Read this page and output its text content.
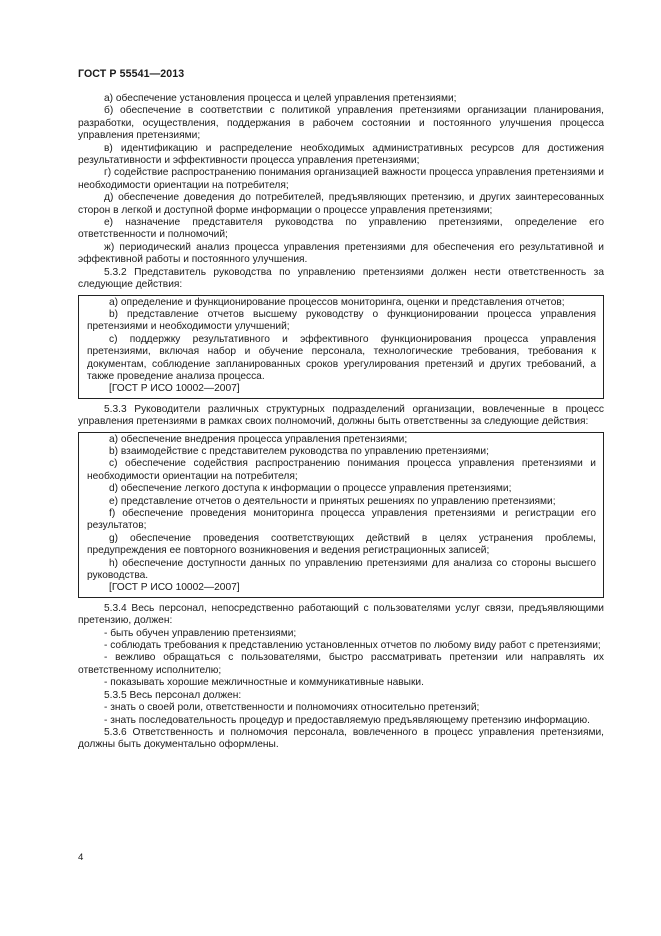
ГОСТ Р 55541—2013

а) обеспечение установления процесса и целей управления претензиями;

б) обеспечение в соответствии с политикой управления претензиями организации планирования, разработки, осуществления, поддержания в рабочем состоянии и постоянного улучшения процесса управления претензиями;

в) идентификацию и распределение необходимых административных ресурсов для достижения результативности и эффективности процесса управления претензиями;

г) содействие распространению понимания организацией важности процесса управления претензиями и необходимости ориентации на потребителя;

д) обеспечение доведения до потребителей, предъявляющих претензию, и других заинтересованных сторон в легкой и доступной форме информации о процессе управления претензиями;

е) назначение представителя руководства по управлению претензиями, определение его ответственности и полномочий;

ж) периодический анализ процесса управления претензиями для обеспечения его результативной и эффективной работы и постоянного улучшения.

5.3.2 Представитель руководства по управлению претензиями должен нести ответственность за следующие действия:

а) определение и функционирование процессов мониторинга, оценки и представления отчетов;

b) представление отчетов высшему руководству о функционировании процесса управления претензиями и необходимости улучшений;

с) поддержку результативного и эффективного функционирования процесса управления претензиями, включая набор и обучение персонала, технологические требования, требования к документам, соблюдение запланированных сроков урегулирования претензий и других требований, а также проведение анализа процесса.

[ГОСТ Р ИСО 10002—2007]

5.3.3 Руководители различных структурных подразделений организации, вовлеченные в процесс управления претензиями в рамках своих полномочий, должны быть ответственны за следующие действия:

а) обеспечение внедрения процесса управления претензиями;

b) взаимодействие с представителем руководства по управлению претензиями;

с) обеспечение содействия распространению понимания процесса управления претензиями и необходимости ориентации на потребителя;

d) обеспечение легкого доступа к информации о процессе управления претензиями;

е) представление отчетов о деятельности и принятых решениях по управлению претензиями;

f) обеспечение проведения мониторинга процесса управления претензиями и регистрации его результатов;

g) обеспечение проведения соответствующих действий в целях устранения проблемы, предупреждения ее повторного возникновения и ведения регистрационных записей;

h) обеспечение доступности данных по управлению претензиями для анализа со стороны высшего руководства.

[ГОСТ Р ИСО 10002—2007]

5.3.4 Весь персонал, непосредственно работающий с пользователями услуг связи, предъявляющими претензию, должен:

- быть обучен управлению претензиями;

- соблюдать требования к представлению установленных отчетов по любому виду работ с претензиями;

- вежливо обращаться с пользователями, быстро рассматривать претензии или направлять их ответственному исполнителю;

- показывать хорошие межличностные и коммуникативные навыки.

5.3.5 Весь персонал должен:

- знать о своей роли, ответственности и полномочиях относительно претензий;

- знать последовательность процедур и предоставляемую предъявляющему претензию информацию.

5.3.6 Ответственность и полномочия персонала, вовлеченного в процесс управления претензиями, должны быть документально оформлены.

4
